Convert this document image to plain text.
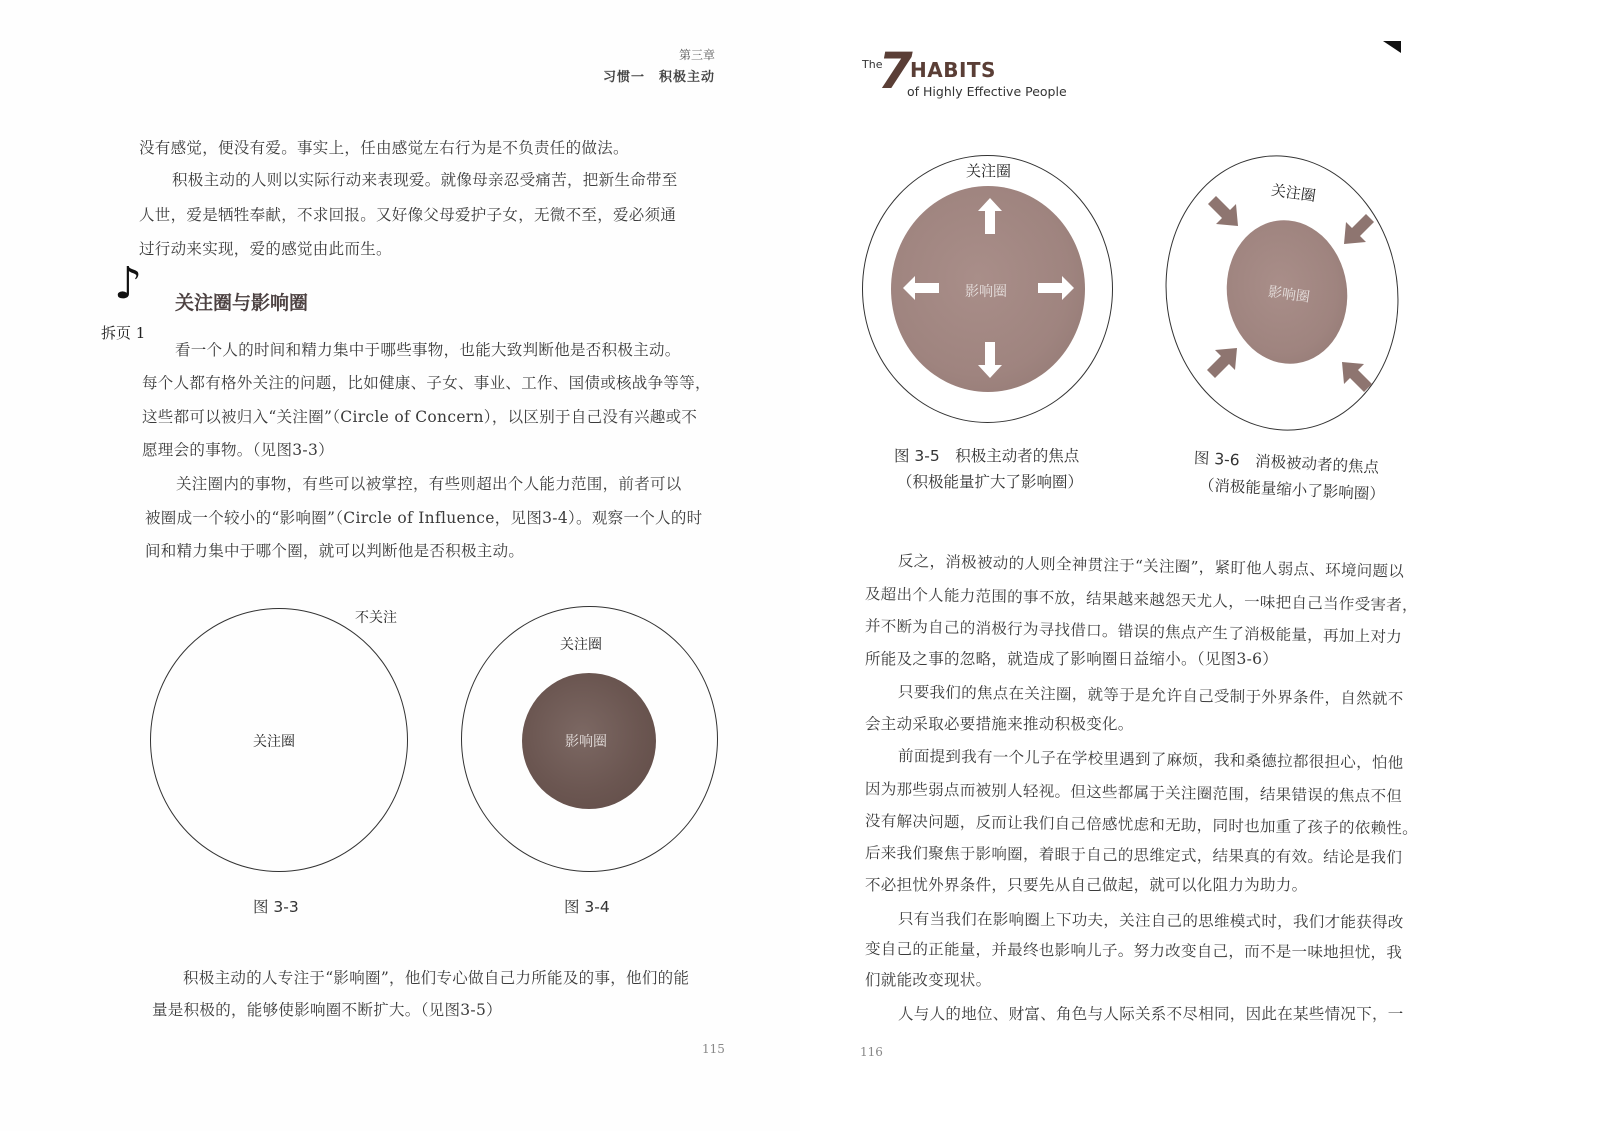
第三章
习惯一　积极主动
没有感觉，便没有爱。事实上，任由感觉左右行为是不负责任的做法。
积极主动的人则以实际行动来表现爱。就像母亲忍受痛苦，把新生命带至
人世，爱是牺牲奉献，不求回报。又好像父母爱护子女，无微不至，爱必须通
过行动来实现，爱的感觉由此而生。
♪
拆页 1
关注圈与影响圈
看一个人的时间和精力集中于哪些事物，也能大致判断他是否积极主动。
每个人都有格外关注的问题，比如健康、子女、事业、工作、国债或核战争等等，
这些都可以被归入“关注圈”（Circle of Concern），以区别于自己没有兴趣或不
愿理会的事物。（见图3-3）
关注圈内的事物，有些可以被掌控，有些则超出个人能力范围，前者可以
被圈成一个较小的“影响圈”（Circle of Influence，见图3-4）。观察一个人的时
间和精力集中于哪个圈，就可以判断他是否积极主动。
不关注
关注圈
图 3-3
关注圈
影响圈
图 3-4
积极主动的人专注于“影响圈”，他们专心做自己力所能及的事，他们的能
量是积极的，能够使影响圈不断扩大。（见图3-5）
115
The
7
HABITS
of Highly Effective People
关注圈
影响圈
图 3-5　积极主动者的焦点
（积极能量扩大了影响圈）
关注圈
影响圈
图 3-6　消极被动者的焦点
（消极能量缩小了影响圈）
反之，消极被动的人则全神贯注于“关注圈”，紧盯他人弱点、环境问题以
及超出个人能力范围的事不放，结果越来越怨天尤人，一味把自己当作受害者，
并不断为自己的消极行为寻找借口。错误的焦点产生了消极能量，再加上对力
所能及之事的忽略，就造成了影响圈日益缩小。（见图3-6）
只要我们的焦点在关注圈，就等于是允许自己受制于外界条件，自然就不
会主动采取必要措施来推动积极变化。
前面提到我有一个儿子在学校里遇到了麻烦，我和桑德拉都很担心，怕他
因为那些弱点而被别人轻视。但这些都属于关注圈范围，结果错误的焦点不但
没有解决问题，反而让我们自己倍感忧虑和无助，同时也加重了孩子的依赖性。
后来我们聚焦于影响圈，着眼于自己的思维定式，结果真的有效。结论是我们
不必担忧外界条件，只要先从自己做起，就可以化阻力为助力。
只有当我们在影响圈上下功夫，关注自己的思维模式时，我们才能获得改
变自己的正能量，并最终也影响儿子。努力改变自己，而不是一味地担忧，我
们就能改变现状。
人与人的地位、财富、角色与人际关系不尽相同，因此在某些情况下，一
116
